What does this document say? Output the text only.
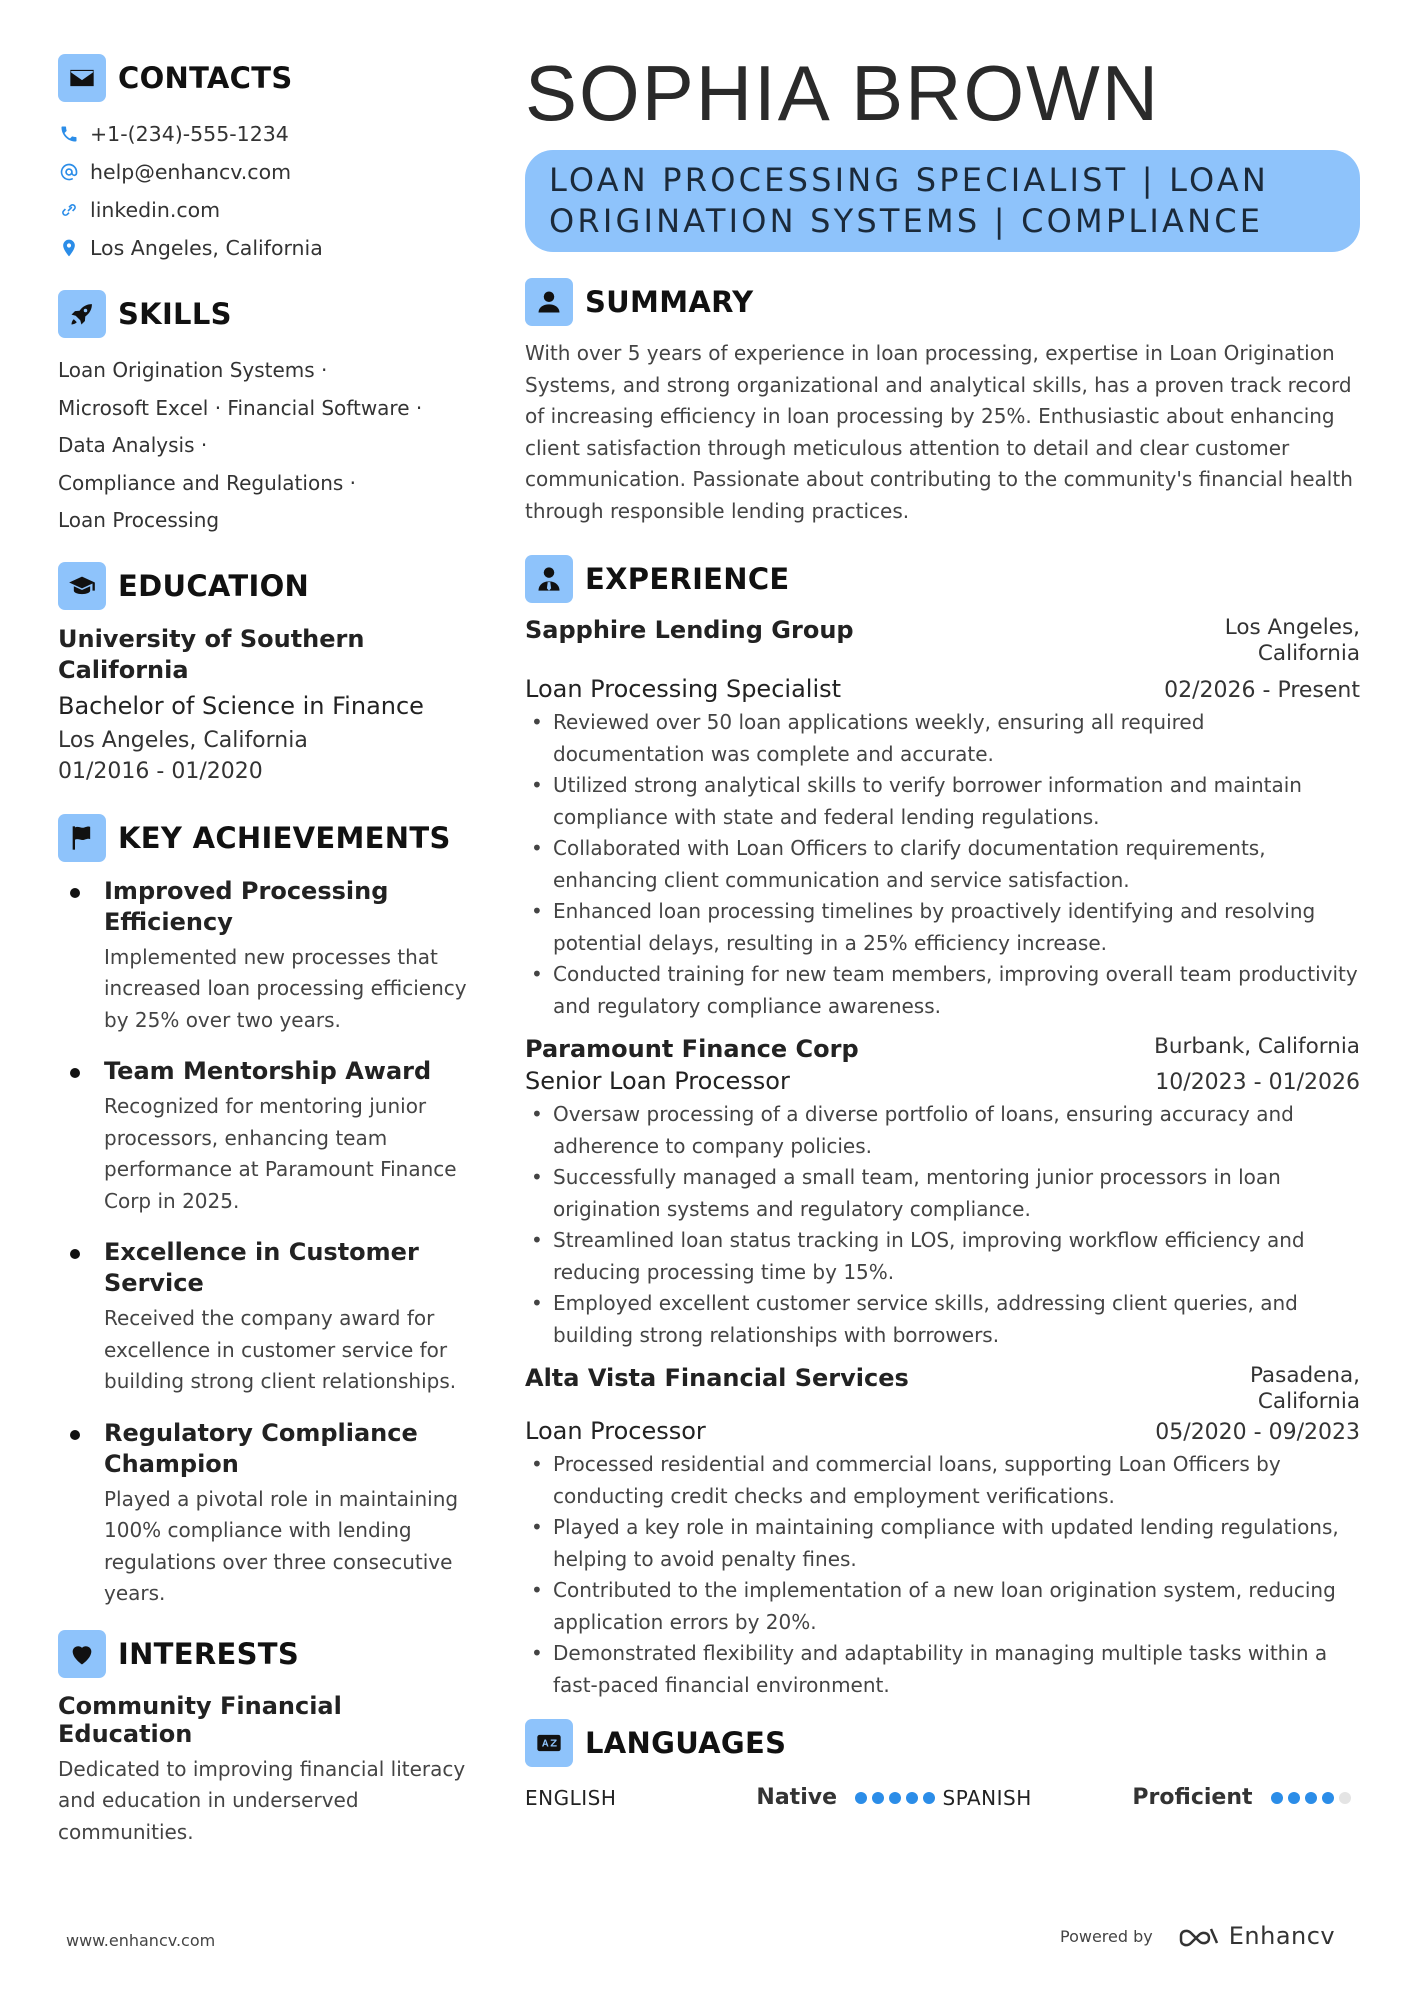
CONTACTS
+1-(234)-555-1234
help@enhancv.com
linkedin.com
Los Angeles, California
SKILLS
Loan Origination Systems ·
Microsoft Excel · Financial Software ·
Data Analysis ·
Compliance and Regulations ·
Loan Processing
EDUCATION
University of Southern California
Bachelor of Science in Finance
Los Angeles, California
01/2016 - 01/2020
KEY ACHIEVEMENTS
Improved Processing Efficiency
Implemented new processes that increased loan processing efficiency by 25% over two years.
Team Mentorship Award
Recognized for mentoring junior processors, enhancing team performance at Paramount Finance Corp in 2025.
Excellence in Customer Service
Received the company award for excellence in customer service for building strong client relationships.
Regulatory Compliance Champion
Played a pivotal role in maintaining 100% compliance with lending regulations over three consecutive years.
INTERESTS
Community Financial Education
Dedicated to improving financial literacy and education in underserved communities.
SOPHIA BROWN
LOAN PROCESSING SPECIALIST | LOAN ORIGINATION SYSTEMS | COMPLIANCE
SUMMARY
With over 5 years of experience in loan processing, expertise in Loan Origination Systems, and strong organizational and analytical skills, has a proven track record of increasing efficiency in loan processing by 25%. Enthusiastic about enhancing client satisfaction through meticulous attention to detail and clear customer communication. Passionate about contributing to the community's financial health through responsible lending practices.
EXPERIENCE
Sapphire Lending Group	Los Angeles, California
Loan Processing Specialist	02/2026 - Present
• Reviewed over 50 loan applications weekly, ensuring all required documentation was complete and accurate.
• Utilized strong analytical skills to verify borrower information and maintain compliance with state and federal lending regulations.
• Collaborated with Loan Officers to clarify documentation requirements, enhancing client communication and service satisfaction.
• Enhanced loan processing timelines by proactively identifying and resolving potential delays, resulting in a 25% efficiency increase.
• Conducted training for new team members, improving overall team productivity and regulatory compliance awareness.
Paramount Finance Corp	Burbank, California
Senior Loan Processor	10/2023 - 01/2026
• Oversaw processing of a diverse portfolio of loans, ensuring accuracy and adherence to company policies.
• Successfully managed a small team, mentoring junior processors in loan origination systems and regulatory compliance.
• Streamlined loan status tracking in LOS, improving workflow efficiency and reducing processing time by 15%.
• Employed excellent customer service skills, addressing client queries, and building strong relationships with borrowers.
Alta Vista Financial Services	Pasadena, California
Loan Processor	05/2020 - 09/2023
• Processed residential and commercial loans, supporting Loan Officers by conducting credit checks and employment verifications.
• Played a key role in maintaining compliance with updated lending regulations, helping to avoid penalty fines.
• Contributed to the implementation of a new loan origination system, reducing application errors by 20%.
• Demonstrated flexibility and adaptability in managing multiple tasks within a fast-paced financial environment.
LANGUAGES
ENGLISH	Native	SPANISH	Proficient
www.enhancv.com	Powered by	Enhancv
